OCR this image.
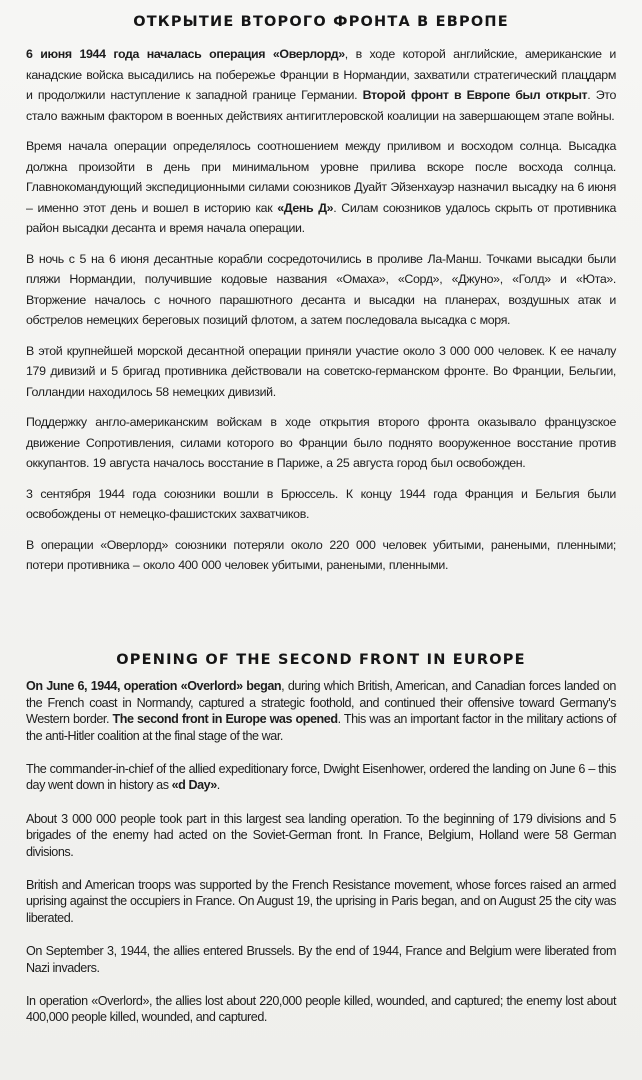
ОТКРЫТИЕ ВТОРОГО ФРОНТА В ЕВРОПЕ

6 июня 1944 года началась операция «Оверлорд», в ходе которой английские, американские и канадские войска высадились на побережье Франции в Нормандии, захватили стратегический плацдарм и продолжили наступление к западной границе Германии. Второй фронт в Европе был открыт. Это стало важным фактором в военных действиях антигитлеровской коалиции на завершающем этапе войны.

Время начала операции определялось соотношением между приливом и восходом солнца. Высадка должна произойти в день при минимальном уровне прилива вскоре после восхода солнца. Главнокомандующий экспедиционными силами союзников Дуайт Эйзенхауэр назначил высадку на 6 июня – именно этот день и вошел в историю как «День Д». Силам союзников удалось скрыть от противника район высадки десанта и время начала операции.

В ночь с 5 на 6 июня десантные корабли сосредоточились в проливе Ла-Манш. Точками высадки были пляжи Нормандии, получившие кодовые названия «Омаха», «Сорд», «Джуно», «Голд» и «Юта». Вторжение началось с ночного парашютного десанта и высадки на планерах, воздушных атак и обстрелов немецких береговых позиций флотом, а затем последовала высадка с моря.

В этой крупнейшей морской десантной операции приняли участие около 3 000 000 человек. К ее началу 179 дивизий и 5 бригад противника действовали на советско-германском фронте. Во Франции, Бельгии, Голландии находилось 58 немецких дивизий.

Поддержку англо-американским войскам в ходе открытия второго фронта оказывало французское движение Сопротивления, силами которого во Франции было поднято вооруженное восстание против оккупантов. 19 августа началось восстание в Париже, а 25 августа город был освобожден.

3 сентября 1944 года союзники вошли в Брюссель. К концу 1944 года Франция и Бельгия были освобождены от немецко-фашистских захватчиков.

В операции «Оверлорд» союзники потеряли около 220 000 человек убитыми, ранеными, пленными; потери противника – около 400 000 человек убитыми, ранеными, пленными.

OPENING OF THE SECOND FRONT IN EUROPE

On June 6, 1944, operation «Overlord» began, during which British, American, and Canadian forces landed on the French coast in Normandy, captured a strategic foothold, and continued their offensive toward Germany's Western border. The second front in Europe was opened. This was an important factor in the military actions of the anti-Hitler coalition at the final stage of the war.

The commander-in-chief of the allied expeditionary force, Dwight Eisenhower, ordered the landing on June 6 – this day went down in history as «d Day».

About 3 000 000 people took part in this largest sea landing operation. To the beginning of 179 divisions and 5 brigades of the enemy had acted on the Soviet-German front. In France, Belgium, Holland were 58 German divisions.

British and American troops was supported by the French Resistance movement, whose forces raised an armed uprising against the occupiers in France. On August 19, the uprising in Paris began, and on August 25 the city was liberated.

On September 3, 1944, the allies entered Brussels. By the end of 1944, France and Belgium were liberated from Nazi invaders.

In operation «Overlord», the allies lost about 220,000 people killed, wounded, and captured; the enemy lost about 400,000 people killed, wounded, and captured.
